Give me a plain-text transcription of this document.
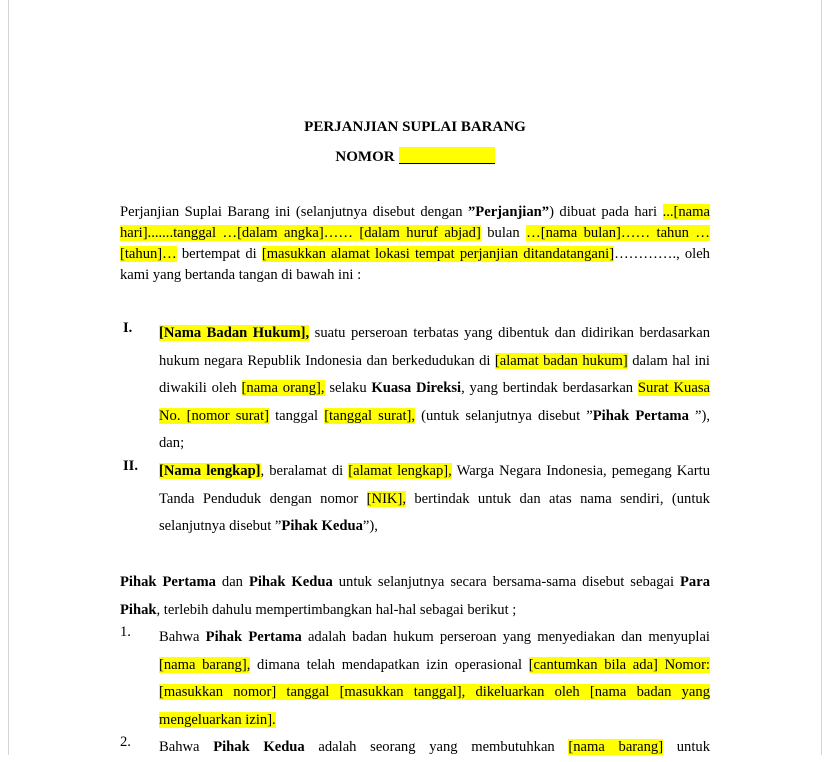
PERJANJIAN SUPLAI BARANG
NOMOR
Perjanjian Suplai Barang ini (selanjutnya disebut dengan ”Perjanjian”) dibuat pada hari ...[nama hari].......tanggal …[dalam angka]…… [dalam huruf abjad] bulan …[nama bulan]…… tahun …[tahun]… bertempat di [masukkan alamat lokasi tempat perjanjian ditandatangani]…………., oleh kami yang bertanda tangan di bawah ini :
I. [Nama Badan Hukum], suatu perseroan terbatas yang dibentuk dan didirikan berdasarkan hukum negara Republik Indonesia dan berkedudukan di [alamat badan hukum] dalam hal ini diwakili oleh [nama orang], selaku Kuasa Direksi, yang bertindak berdasarkan Surat Kuasa No. [nomor surat] tanggal [tanggal surat], (untuk selanjutnya disebut ”Pihak Pertama ”), dan;
II. [Nama lengkap], beralamat di [alamat lengkap], Warga Negara Indonesia, pemegang Kartu Tanda Penduduk dengan nomor [NIK], bertindak untuk dan atas nama sendiri, (untuk selanjutnya disebut ”Pihak Kedua”),
Pihak Pertama dan Pihak Kedua untuk selanjutnya secara bersama-sama disebut sebagai Para Pihak, terlebih dahulu mempertimbangkan hal-hal sebagai berikut ;
1. Bahwa Pihak Pertama adalah badan hukum perseroan yang menyediakan dan menyuplai [nama barang], dimana telah mendapatkan izin operasional [cantumkan bila ada] Nomor: [masukkan nomor] tanggal [masukkan tanggal], dikeluarkan oleh [nama badan yang mengeluarkan izin].
2. Bahwa Pihak Kedua adalah seorang yang membutuhkan [nama barang] untuk
